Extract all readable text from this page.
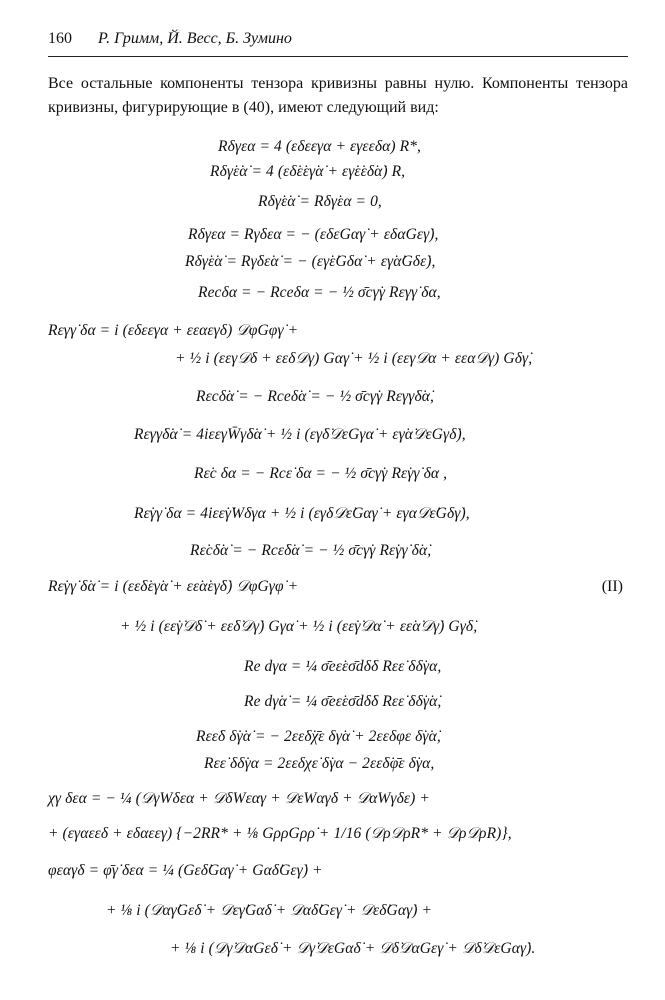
160 Р. Гримм, Й. Весс, Б. Зумино
Все остальные компоненты тензора кривизны равны нулю. Компоненты тензора кривизны, фигурирующие в (40), имеют следующий вид:
Rδγεα = 4 (εδεεγα + εγεεδα) R*,
Rδγ̇ε̇α̇ = 4 (εδ̇ε̇εγ̇α̇ + εγ̇ε̇εδ̇α̇) R,
Rδγ̇ε̇α̇ = Rδγ̇εα = 0,
Rδγεα = Rγ̇δεα = − (εδεGαγ̇ + εδαGεγ̇),
Rδγ̇ε̇α̇ = Rγ̇δε̇α̇ = − (εγ̇ε̇Gδα̇ + εγ̇α̇Gδε̇),
Recδα = − Rceδα = − ½ σ̄cγ̇γ Rεγγ̇ δα,
Rεγγ̇ δα = i (εδεεγα + εεαεγδ) 𝒟φGφγ̇ +
+ ½ i (εεγ𝒟δ + εεδ𝒟γ) Gαγ̇ + ½ i (εεγ𝒟α + εεα𝒟γ) Gδγ̇,
Rεcδ̇α̇ = − Rceδ̇α̇ = − ½ σ̄cγ̇γ Rεγγ̇δ̇α̇,
Rεγγ̇δ̇α̇ = 4iεεγW̄γ̇δ̇α̇ + ½ i (εγ̇δ̇𝒟εGγα̇ + εγ̇α̇𝒟εGγδ̇),
Rε̇c δα = − Rcε̇ δα = − ½ σ̄cγ̇γ Rε̇γγ̇ δα ,
Rε̇γγ̇ δα = 4iεε̇γ̇Wδγα + ½ i (εγδ𝒟ε̇Gαγ̇ + εγα𝒟ε̇Gδγ̇),
Rε̇cδ̇α̇ = − Rcε̇δ̇α̇ = − ½ σ̄cγ̇γ Rε̇γγ̇ δ̇α̇,
Rε̇γγ̇ δ̇α̇ = i (εε̇δ̇εγ̇α̇ + εε̇α̇εγ̇δ̇) 𝒟φGγφ̇ +
+ ½ i (εε̇γ̇𝒟δ̇ + εε̇δ̇𝒟γ̇) Gγα̇ + ½ i (εε̇γ̇𝒟α̇ + εε̇α̇𝒟γ̇) Gγδ̇,
Re dγα = ¼ σ̄eε̇εσ̄dδ̇δ Rεε̇ δδ̇γα,
Re dγ̇α̇ = ¼ σ̄eε̇εσ̄dδ̇δ Rεε̇ δδ̇γ̇α̇,
Rεε̇δ δ̇γ̇α̇ = − 2εε̇δ̇χ̄ε δγ̇α̇ + 2εεδφε δ̇γ̇α̇,
Rεε̇ δδ̇γα = 2εεδχε̇ δ̇γα − 2εε̇δ̇φ̄ε δ̇γα,
χγ δεα = − ¼ (𝒟γWδεα + 𝒟δWεαγ + 𝒟εWαγδ + 𝒟αWγδε) +
+ (εγαεεδ + εδαεεγ) {−2RR* + ⅛ GρρGρρ̇ + 1/16 (𝒟ρ𝒟ρR* + 𝒟ρ𝒟ρR)},
φεαγ̇δ = φ̄γ̇ δεα = ¼ (Gεδ̇Gαγ̇ + Gαδ̇Gεγ̇) +
+ ⅛ i (𝒟αγ̇Gεδ̇ + 𝒟εγ̇Gαδ̇ + 𝒟αδ̇Gεγ̇ + 𝒟εδ̇Gαγ̇) +
+ ⅛ i (𝒟γ̇𝒟αGεδ̇ + 𝒟γ̇𝒟εGαδ̇ + 𝒟δ̇𝒟αGεγ̇ + 𝒟δ̇𝒟εGαγ̇).
(II)
